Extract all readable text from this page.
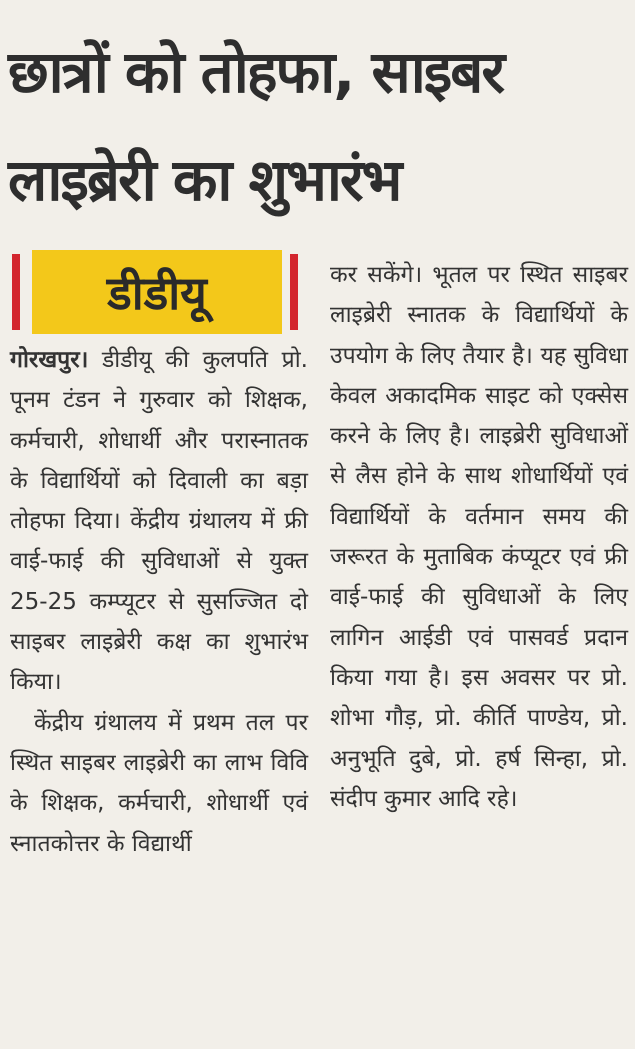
छात्रों को तोहफा, साइबर
लाइब्रेरी का शुभारंभ
डीडीयू

गोरखपुर। डीडीयू की कुलपति प्रो. पूनम टंडन ने गुरुवार को शिक्षक, कर्मचारी, शोधार्थी और परास्नातक के विद्यार्थियों को दिवाली का बड़ा तोहफा दिया। केंद्रीय ग्रंथालय में फ्री वाई-फाई की सुविधाओं से युक्त 25-25 कम्प्यूटर से सुसज्जित दो साइबर लाइब्रेरी कक्ष का शुभारंभ किया।

केंद्रीय ग्रंथालय में प्रथम तल पर स्थित साइबर लाइब्रेरी का लाभ विवि के शिक्षक, कर्मचारी, शोधार्थी एवं स्नातकोत्तर के विद्यार्थी

कर सकेंगे। भूतल पर स्थित साइबर लाइब्रेरी स्नातक के विद्यार्थियों के उपयोग के लिए तैयार है। यह सुविधा केवल अकादमिक साइट को एक्सेस करने के लिए है। लाइब्रेरी सुविधाओं से लैस होने के साथ शोधार्थियों एवं विद्यार्थियों के वर्तमान समय की जरूरत के मुताबिक कंप्यूटर एवं फ्री वाई-फाई की सुविधाओं के लिए लागिन आईडी एवं पासवर्ड प्रदान किया गया है। इस अवसर पर प्रो. शोभा गौड़, प्रो. कीर्ति पाण्डेय, प्रो. अनुभूति दुबे, प्रो. हर्ष सिन्हा, प्रो. संदीप कुमार आदि रहे।
